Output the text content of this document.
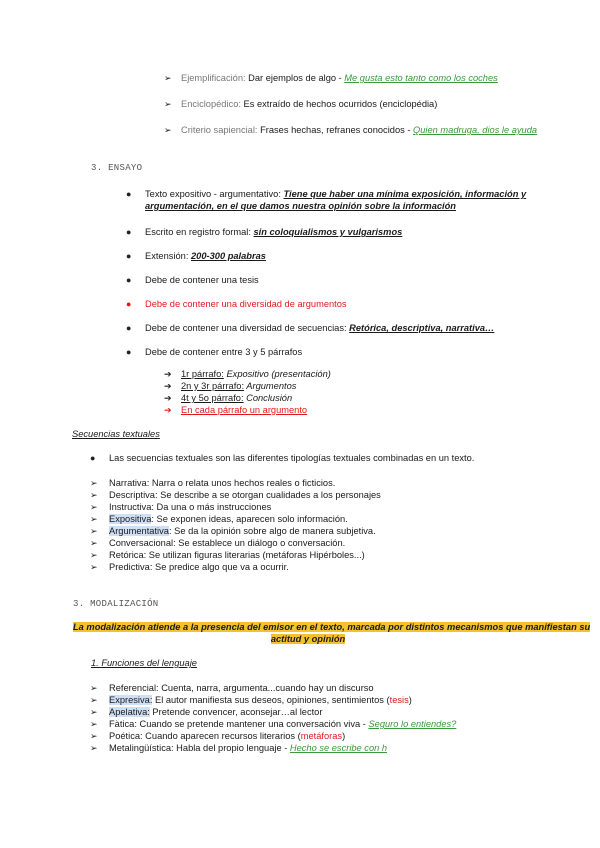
➢ Ejemplificación: Dar ejemplos de algo - Me gusta esto tanto como los coches
➢ Enciclopédico: Es extraído de hechos ocurridos (enciclopédia)
➢ Criterio sapiencial: Frases hechas, refranes conocidos - Quien madruga, dios le ayuda
3. ENSAYO
● Texto expositivo - argumentativo: Tiene que haber una mínima exposición, información y
argumentación, en el que damos nuestra opinión sobre la información
● Escrito en registro formal: sin coloquialismos y vulgarismos
● Extensión: 200-300 palabras
● Debe de contener una tesis
● Debe de contener una diversidad de argumentos
● Debe de contener una diversidad de secuencias: Retórica, descriptiva, narrativa…
● Debe de contener entre 3 y 5 párrafos
➔ 1r párrafo: Expositivo (presentación)
➔ 2n y 3r párrafo: Argumentos
➔ 4t y 5o párrafo: Conclusión
➔ En cada párrafo un argumento
Secuencias textuales
● Las secuencias textuales son las diferentes tipologías textuales combinadas en un texto.
➢ Narrativa: Narra o relata unos hechos reales o ficticios.
➢ Descriptiva: Se describe a se otorgan cualidades a los personajes
➢ Instructiva: Da una o más instrucciones
➢ Expositiva: Se exponen ideas, aparecen solo información.
➢ Argumentativa: Se da la opinión sobre algo de manera subjetiva.
➢ Conversacional: Se establece un diálogo o conversación.
➢ Retórica: Se utilizan figuras literarias (metáforas Hipérboles...)
➢ Predictiva: Se predice algo que va a ocurrir.
3. MODALIZACIÓN
La modalización atiende a la presencia del emisor en el texto, marcada por distintos mecanismos que manifiestan su
actitud y opinión
1. Funciones del lenguaje
➢ Referencial: Cuenta, narra, argumenta...cuando hay un discurso
➢ Expresiva: El autor manifiesta sus deseos, opiniones, sentimientos (tesis)
➢ Apelativa: Pretende convencer, aconsejar…al lector
➢ Fàtica: Cuando se pretende mantener una conversación viva - Seguro lo entiendes?
➢ Poética: Cuando aparecen recursos literarios (metáforas)
➢ Metalingüística: Habla del propio lenguaje - Hecho se escribe con h
